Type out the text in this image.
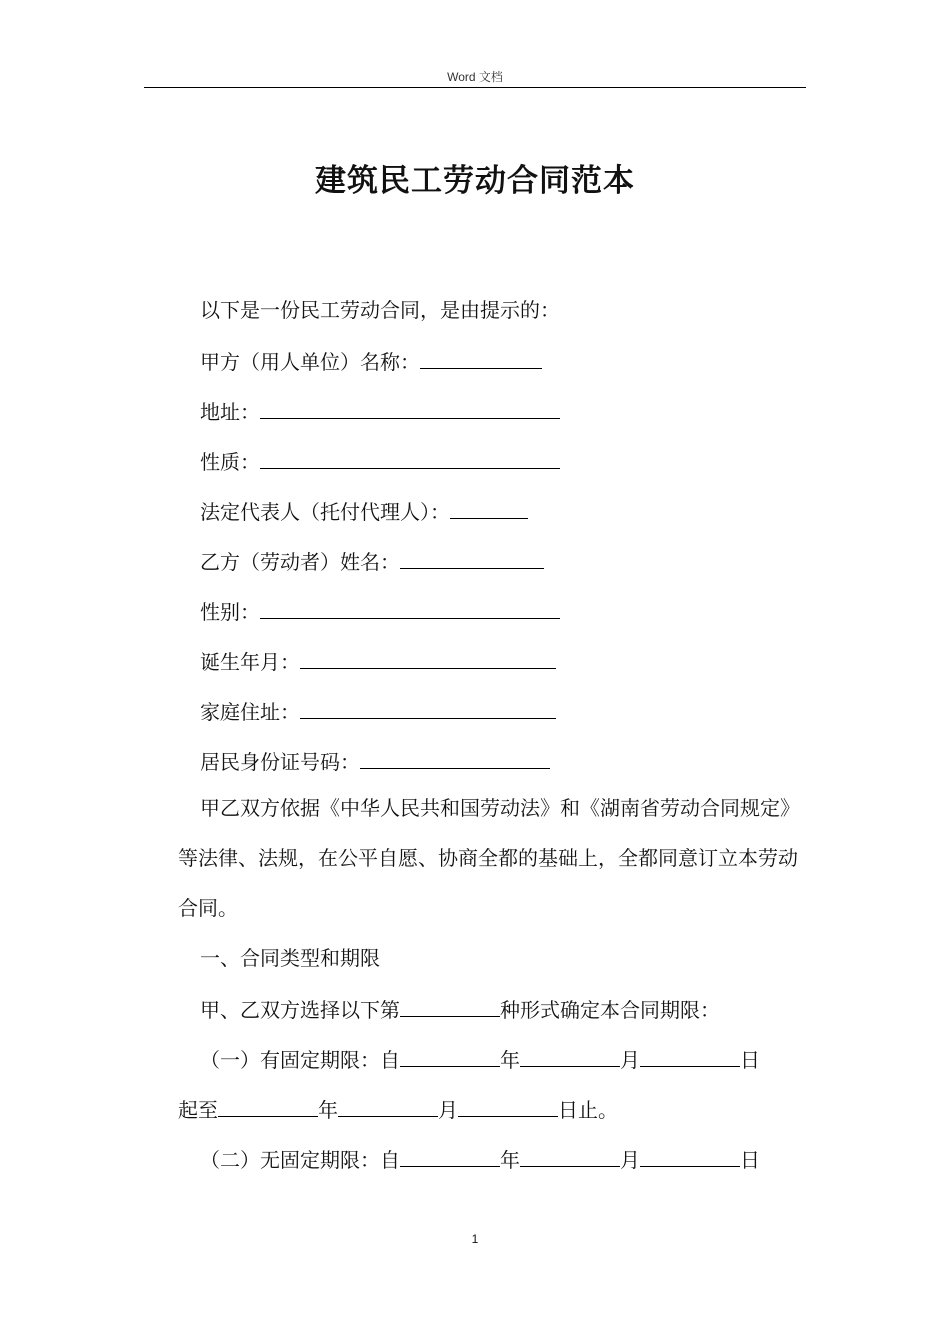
Word 文档
建筑民工劳动合同范本
以下是一份民工劳动合同，是由提示的：
甲方（用人单位）名称：
地址：
性质：
法定代表人（托付代理人）：
乙方（劳动者）姓名：
性别：
诞生年月：
家庭住址：
居民身份证号码：
甲乙双方依据《中华人民共和国劳动法》和《湖南省劳动合同规定》等法律、法规，在公平自愿、协商全都的基础上，全都同意订立本劳动合同。
一、合同类型和期限
甲、乙双方选择以下第	种形式确定本合同期限：
（一）有固定期限：自	年	月	日
起至	年	月	日止。
（二）无固定期限：自	年	月	日
1
